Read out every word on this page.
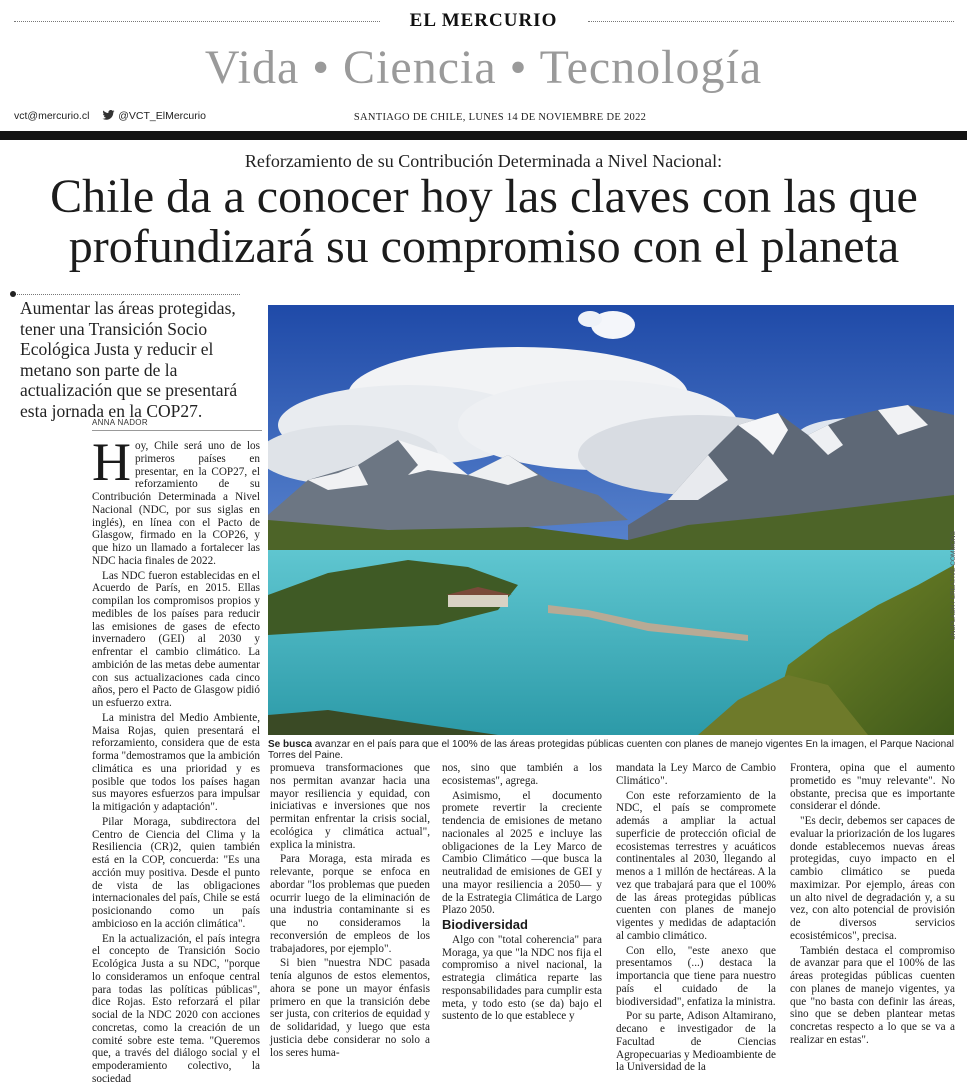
EL MERCURIO
Vida • Ciencia • Tecnología
vct@mercurio.cl	@VCT_ElMercurio	SANTIAGO DE CHILE, LUNES 14 DE NOVIEMBRE DE 2022
Reforzamiento de su Contribución Determinada a Nivel Nacional:
Chile da a conocer hoy las claves con las que
profundizará su compromiso con el planeta
Aumentar las áreas protegidas, tener una Transición Socio Ecológica Justa y reducir el metano son parte de la actualización que se presentará esta jornada en la COP27.
ANNA NADOR
UNSPLASH / CREATIVE COMMONS
Se busca avanzar en el país para que el 100% de las áreas protegidas públicas cuenten con planes de manejo vigentes En la imagen, el Parque Nacional Torres del Paine.

Hoy, Chile será uno de los primeros países en presentar, en la COP27, el reforzamiento de su Contribución Determinada a Nivel Nacional (NDC, por sus siglas en inglés), en línea con el Pacto de Glasgow, firmado en la COP26, y que hizo un llamado a fortalecer las NDC hacia finales de 2022.

Las NDC fueron establecidas en el Acuerdo de París, en 2015. Ellas compilan los compromisos propios y medibles de los países para reducir las emisiones de gases de efecto invernadero (GEI) al 2030 y enfrentar el cambio climático. La ambición de las metas debe aumentar con sus actualizaciones cada cinco años, pero el Pacto de Glasgow pidió un esfuerzo extra.

La ministra del Medio Ambiente, Maisa Rojas, quien presentará el reforzamiento, considera que de esta forma "demostramos que la ambición climática es una prioridad y es posible que todos los países hagan sus mayores esfuerzos para impulsar la mitigación y adaptación".

Pilar Moraga, subdirectora del Centro de Ciencia del Clima y la Resiliencia (CR)2, quien también está en la COP, concuerda: "Es una acción muy positiva. Desde el punto de vista de las obligaciones internacionales del país, Chile se está posicionando como un país ambicioso en la acción climática".

En la actualización, el país integra el concepto de Transición Socio Ecológica Justa a su NDC, "porque lo consideramos un enfoque central para todas las políticas públicas", dice Rojas. Esto reforzará el pilar social de la NDC 2020 con acciones concretas, como la creación de un comité sobre este tema. "Queremos que, a través del diálogo social y el empoderamiento colectivo, la sociedad

promueva transformaciones que nos permitan avanzar hacia una mayor resiliencia y equidad, con iniciativas e inversiones que nos permitan enfrentar la crisis social, ecológica y climática actual", explica la ministra.

Para Moraga, esta mirada es relevante, porque se enfoca en abordar "los problemas que pueden ocurrir luego de la eliminación de una industria contaminante si es que no consideramos la reconversión de empleos de los trabajadores, por ejemplo".

Si bien "nuestra NDC pasada tenía algunos de estos elementos, ahora se pone un mayor énfasis primero en que la transición debe ser justa, con criterios de equidad y de solidaridad, y luego que esta justicia debe considerar no solo a los seres huma-

nos, sino que también a los ecosistemas", agrega.

Asimismo, el documento promete revertir la creciente tendencia de emisiones de metano nacionales al 2025 e incluye las obligaciones de la Ley Marco de Cambio Climático —que busca la neutralidad de emisiones de GEI y una mayor resiliencia a 2050— y de la Estrategia Climática de Largo Plazo 2050.

Biodiversidad

Algo con "total coherencia" para Moraga, ya que "la NDC nos fija el compromiso a nivel nacional, la estrategia climática reparte las responsabilidades para cumplir esta meta, y todo esto (se da) bajo el sustento de lo que establece y

mandata la Ley Marco de Cambio Climático".

Con este reforzamiento de la NDC, el país se compromete además a ampliar la actual superficie de protección oficial de ecosistemas terrestres y acuáticos continentales al 2030, llegando al menos a 1 millón de hectáreas. A la vez que trabajará para que el 100% de las áreas protegidas públicas cuenten con planes de manejo vigentes y medidas de adaptación al cambio climático.

Con ello, "este anexo que presentamos (...) destaca la importancia que tiene para nuestro país el cuidado de la biodiversidad", enfatiza la ministra.

Por su parte, Adison Altamirano, decano e investigador de la Facultad de Ciencias Agropecuarias y Medioambiente de la Universidad de la

Frontera, opina que el aumento prometido es "muy relevante". No obstante, precisa que es importante considerar el dónde.

"Es decir, debemos ser capaces de evaluar la priorización de los lugares donde establecemos nuevas áreas protegidas, cuyo impacto en el cambio climático se pueda maximizar. Por ejemplo, áreas con un alto nivel de degradación y, a su vez, con alto potencial de provisión de diversos servicios ecosistémicos", precisa.

También destaca el compromiso de avanzar para que el 100% de las áreas protegidas públicas cuenten con planes de manejo vigentes, ya que "no basta con definir las áreas, sino que se deben plantear metas concretas respecto a lo que se va a realizar en estas".
